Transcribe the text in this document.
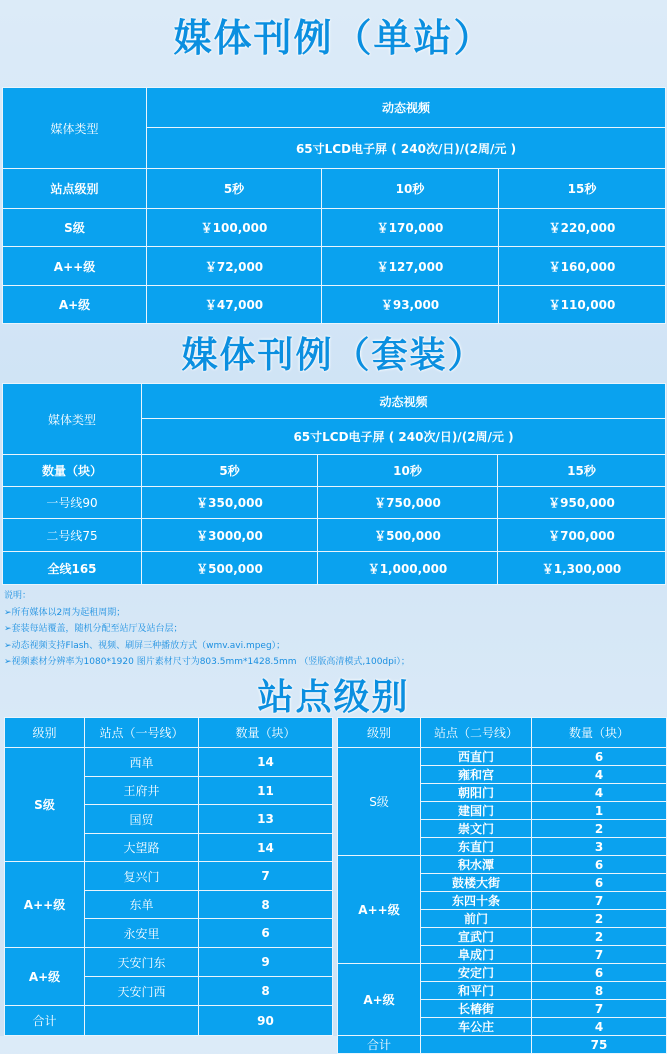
媒体刊例（单站）
媒体类型	动态视频		
	65寸LCD电子屏 ( 240次/日)/(2周/元 )		
站点级别	5秒	10秒	15秒
S级	￥100,000	￥170,000	￥220,000
A++级	￥72,000	￥127,000	￥160,000
A+级	￥47,000	￥93,000	￥110,000
媒体刊例（套装）
媒体类型	动态视频		
	65寸LCD电子屏 ( 240次/日)/(2周/元 )		
数量（块）	5秒	10秒	15秒
一号线90	￥350,000	￥750,000	￥950,000
二号线75	￥3000,00	￥500,000	￥700,000
全线165	￥500,000	￥1,000,000	￥1,300,000
说明：
➢所有媒体以2周为起租周期；
➢套装每站覆盖，随机分配至站厅及站台层；
➢动态视频支持Flash、视频、刷屏三种播放方式（wmv.avi.mpeg）；
➢视频素材分辨率为1080*1920 图片素材尺寸为803.5mm*1428.5mm （竖版高清模式,100dpi）；
站点级别
级别	站点（一号线）	数量（块）
S级	西单	14
	王府井	11
	国贸	13
	大望路	14
A++级	复兴门	7
	东单	8
	永安里	6
A+级	天安门东	9
	天安门西	8
合计		90
级别	站点（二号线）	数量（块）
S级	西直门	6
	雍和宫	4
	朝阳门	4
	建国门	1
	崇文门	2
	东直门	3
A++级	积水潭	6
	鼓楼大街	6
	东四十条	7
	前门	2
	宣武门	2
	阜成门	7
A+级	安定门	6
	和平门	8
	长椿街	7
	车公庄	4
合计		75
